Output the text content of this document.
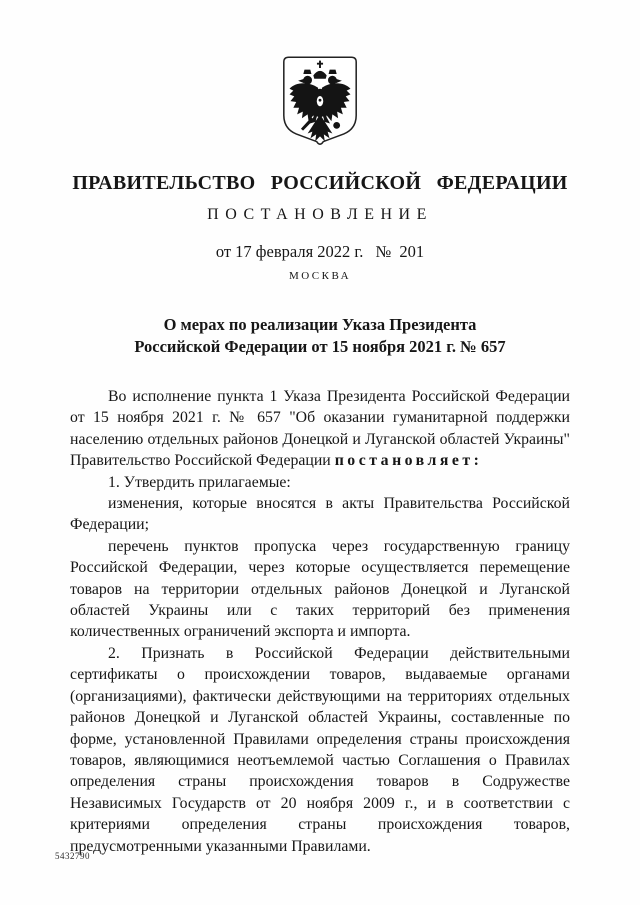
ПРАВИТЕЛЬСТВО РОССИЙСКОЙ ФЕДЕРАЦИИ
ПОСТАНОВЛЕНИЕ
от 17 февраля 2022 г. №  201
МОСКВА
О мерах по реализации Указа Президента
Российской Федерации от 15 ноября 2021 г. № 657

Во исполнение пункта 1 Указа Президента Российской Федерации от 15 ноября 2021 г. № 657 "Об оказании гуманитарной поддержки населению отдельных районов Донецкой и Луганской областей Украины" Правительство Российской Федерации постановляет:

1. Утвердить прилагаемые:

изменения, которые вносятся в акты Правительства Российской Федерации;

перечень пунктов пропуска через государственную границу Российской Федерации, через которые осуществляется перемещение товаров на территории отдельных районов Донецкой и Луганской областей Украины или с таких территорий без применения количественных ограничений экспорта и импорта.

2. Признать в Российской Федерации действительными сертификаты о происхождении товаров, выдаваемые органами (организациями), фактически действующими на территориях отдельных районов Донецкой и Луганской областей Украины, составленные по форме, установленной Правилами определения страны происхождения товаров, являющимися неотъемлемой частью Соглашения о Правилах определения страны происхождения товаров в Содружестве Независимых Государств от 20 ноября 2009 г., и в соответствии с критериями определения страны происхождения товаров, предусмотренными указанными Правилами.

5432790
